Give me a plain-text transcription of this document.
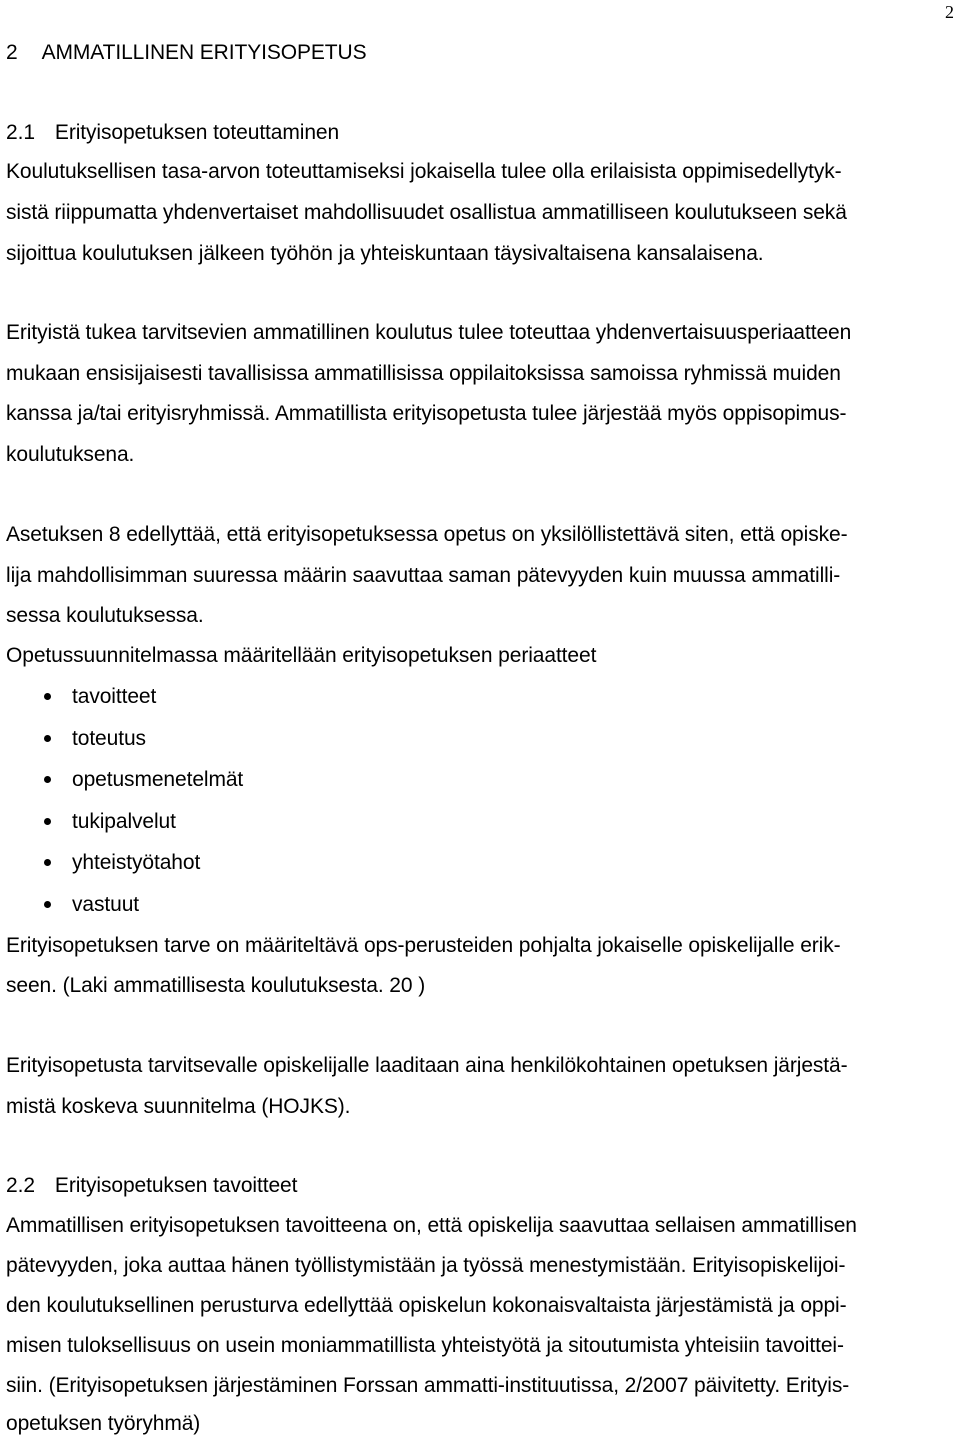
2
2 AMMATILLINEN ERITYISOPETUS
2.1 Erityisopetuksen toteuttaminen
Koulutuksellisen tasa-arvon toteuttamiseksi jokaisella tulee olla erilaisista oppimisedellytyk-
sistä riippumatta yhdenvertaiset mahdollisuudet osallistua ammatilliseen koulutukseen sekä
sijoittua koulutuksen jälkeen työhön ja yhteiskuntaan täysivaltaisena kansalaisena.
Erityistä tukea tarvitsevien ammatillinen koulutus tulee toteuttaa yhdenvertaisuusperiaatteen
mukaan ensisijaisesti tavallisissa ammatillisissa oppilaitoksissa samoissa ryhmissä muiden
kanssa ja/tai erityisryhmissä. Ammatillista erityisopetusta tulee järjestää myös oppisopimus-
koulutuksena.
Asetuksen 8 edellyttää, että erityisopetuksessa opetus on yksilöllistettävä siten, että opiske-
lija mahdollisimman suuressa määrin saavuttaa saman pätevyyden kuin muussa ammatilli-
sessa koulutuksessa.
Opetussuunnitelmassa määritellään erityisopetuksen periaatteet
tavoitteet
toteutus
opetusmenetelmät
tukipalvelut
yhteistyötahot
vastuut
Erityisopetuksen tarve on määriteltävä ops-perusteiden pohjalta jokaiselle opiskelijalle erik-
seen. (Laki ammatillisesta koulutuksesta. 20 )
Erityisopetusta tarvitsevalle opiskelijalle laaditaan aina henkilökohtainen opetuksen järjestä-
mistä koskeva suunnitelma (HOJKS).
2.2 Erityisopetuksen tavoitteet
Ammatillisen erityisopetuksen tavoitteena on, että opiskelija saavuttaa sellaisen ammatillisen
pätevyyden, joka auttaa hänen työllistymistään ja työssä menestymistään. Erityisopiskelijoi-
den koulutuksellinen perusturva edellyttää opiskelun kokonaisvaltaista järjestämistä ja oppi-
misen tuloksellisuus on usein moniammatillista yhteistyötä ja sitoutumista yhteisiin tavoittei-
siin. (Erityisopetuksen järjestäminen Forssan ammatti-instituutissa, 2/2007 päivitetty. Erityis-
opetuksen työryhmä)
